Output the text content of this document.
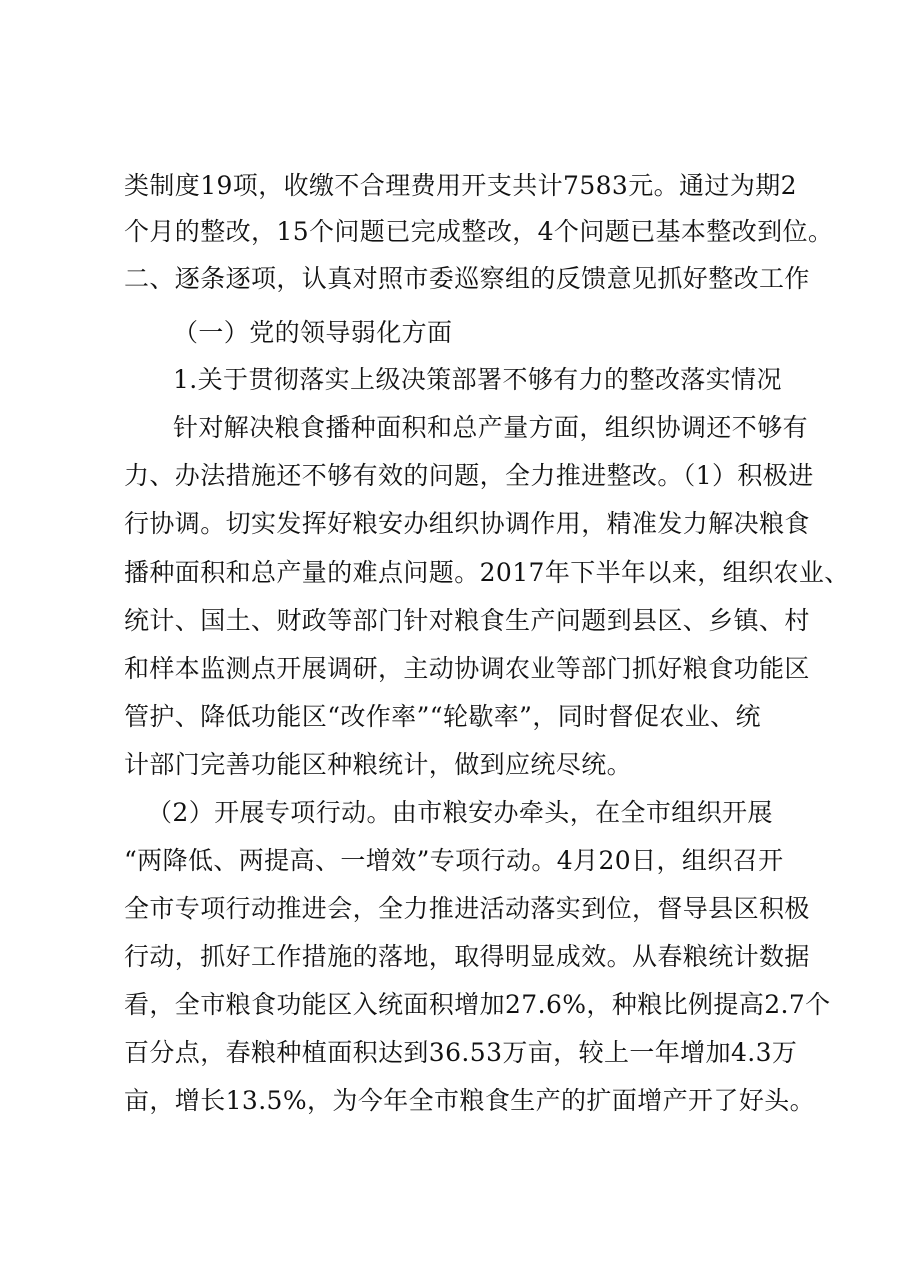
类制度19项，收缴不合理费用开支共计7583元。通过为期2
个月的整改，15个问题已完成整改，4个问题已基本整改到位。
二、逐条逐项，认真对照市委巡察组的反馈意见抓好整改工作
（一）党的领导弱化方面
1.关于贯彻落实上级决策部署不够有力的整改落实情况
针对解决粮食播种面积和总产量方面，组织协调还不够有
力、办法措施还不够有效的问题，全力推进整改。（1）积极进
行协调。切实发挥好粮安办组织协调作用，精准发力解决粮食
播种面积和总产量的难点问题。2017年下半年以来，组织农业、
统计、国土、财政等部门针对粮食生产问题到县区、乡镇、村
和样本监测点开展调研，主动协调农业等部门抓好粮食功能区
管护、降低功能区“改作率”“轮歇率”，同时督促农业、统
计部门完善功能区种粮统计，做到应统尽统。
（2）开展专项行动。由市粮安办牵头，在全市组织开展
“两降低、两提高、一增效”专项行动。4月20日，组织召开
全市专项行动推进会，全力推进活动落实到位，督导县区积极
行动，抓好工作措施的落地，取得明显成效。从春粮统计数据
看，全市粮食功能区入统面积增加27.6%，种粮比例提高2.7个
百分点，春粮种植面积达到36.53万亩，较上一年增加4.3万
亩，增长13.5%，为今年全市粮食生产的扩面增产开了好头。
